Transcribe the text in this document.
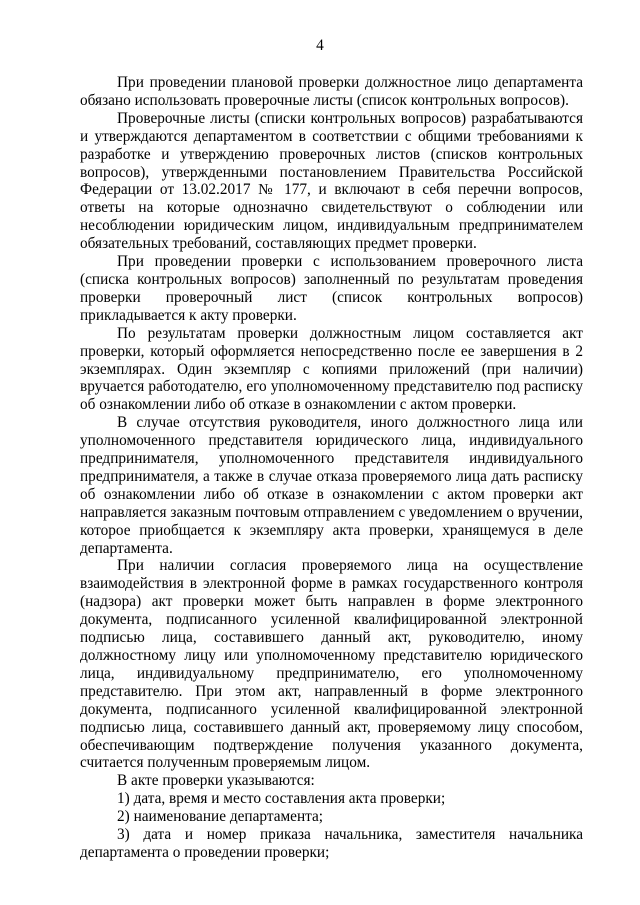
4

При проведении плановой проверки должностное лицо департамента обязано использовать проверочные листы (список контрольных вопросов).

Проверочные листы (списки контрольных вопросов) разрабатываются и утверждаются департаментом в соответствии с общими требованиями к разработке и утверждению проверочных листов (списков контрольных вопросов), утвержденными постановлением Правительства Российской Федерации от 13.02.2017 № 177, и включают в себя перечни вопросов, ответы на которые однозначно свидетельствуют о соблюдении или несоблюдении юридическим лицом, индивидуальным предпринимателем обязательных требований, составляющих предмет проверки.

При проведении проверки с использованием проверочного листа (списка контрольных вопросов) заполненный по результатам проведения проверки проверочный лист (список контрольных вопросов) прикладывается к акту проверки.

По результатам проверки должностным лицом составляется акт проверки, который оформляется непосредственно после ее завершения в 2 экземплярах. Один экземпляр с копиями приложений (при наличии) вручается работодателю, его уполномоченному представителю под расписку об ознакомлении либо об отказе в ознакомлении с актом проверки.

В случае отсутствия руководителя, иного должностного лица или уполномоченного представителя юридического лица, индивидуального предпринимателя, уполномоченного представителя индивидуального предпринимателя, а также в случае отказа проверяемого лица дать расписку об ознакомлении либо об отказе в ознакомлении с актом проверки акт направляется заказным почтовым отправлением с уведомлением о вручении, которое приобщается к экземпляру акта проверки, хранящемуся в деле департамента.

При наличии согласия проверяемого лица на осуществление взаимодействия в электронной форме в рамках государственного контроля (надзора) акт проверки может быть направлен в форме электронного документа, подписанного усиленной квалифицированной электронной подписью лица, составившего данный акт, руководителю, иному должностному лицу или уполномоченному представителю юридического лица, индивидуальному предпринимателю, его уполномоченному представителю. При этом акт, направленный в форме электронного документа, подписанного усиленной квалифицированной электронной подписью лица, составившего данный акт, проверяемому лицу способом, обеспечивающим подтверждение получения указанного документа, считается полученным проверяемым лицом.

В акте проверки указываются:

1) дата, время и место составления акта проверки;

2) наименование департамента;

3) дата и номер приказа начальника, заместителя начальника департамента о проведении проверки;
